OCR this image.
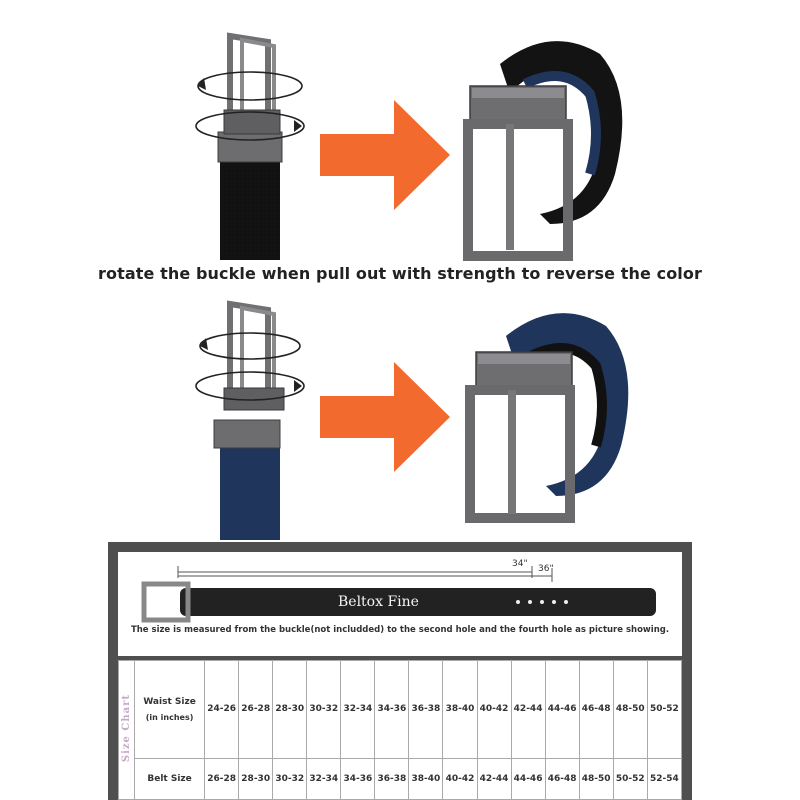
rotate the buckle when pull out with strength to reverse the color
34" 36"
Beltox Fine
The size is measured from the buckle(not includded) to the second hole and the fourth hole as picture showing.
Size Chart	Waist Size
(in inches)	24-26	26-28	28-30	30-32	32-34	34-36	36-38	38-40	40-42	42-44	44-46	46-48	48-50	50-52

	Belt Size	26-28	28-30	30-32	32-34	34-36	36-38	38-40	40-42	42-44	44-46	46-48	48-50	50-52	52-54
